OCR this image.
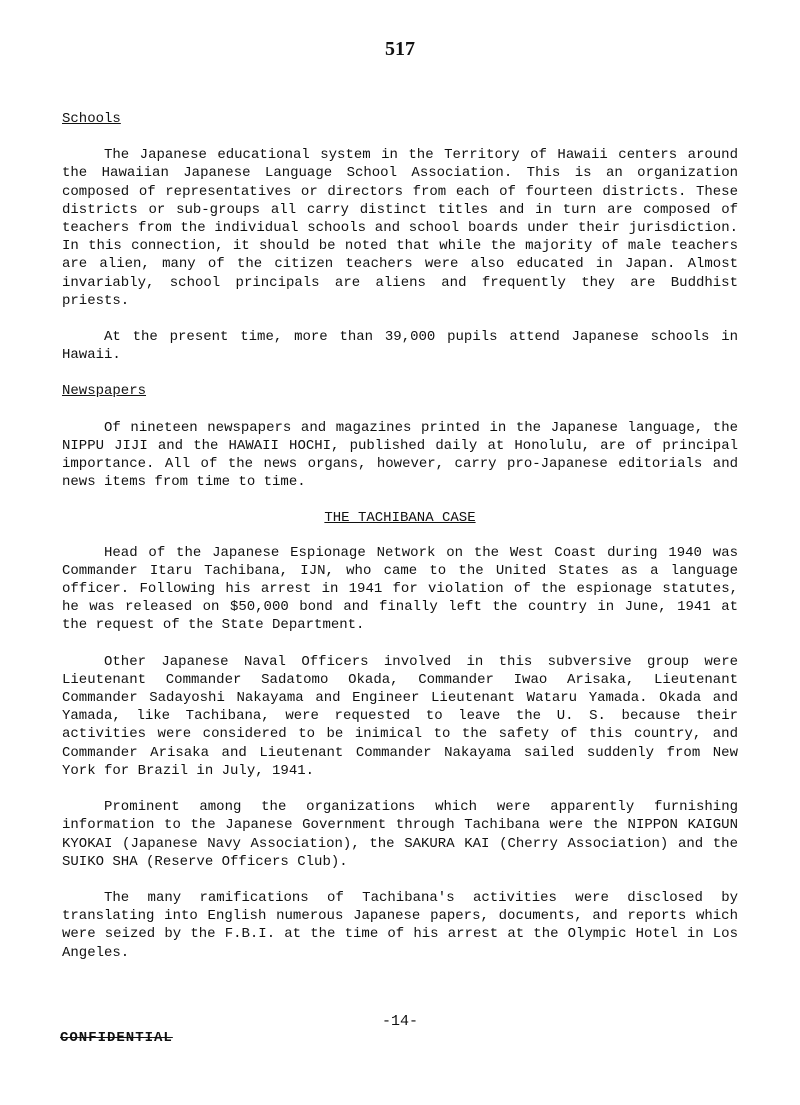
517

Schools

The Japanese educational system in the Territory of Hawaii centers around the Hawaiian Japanese Language School Association. This is an organization composed of representatives or directors from each of fourteen districts. These districts or sub-groups all carry distinct titles and in turn are composed of teachers from the individual schools and school boards under their jurisdiction. In this connection, it should be noted that while the majority of male teachers are alien, many of the citizen teachers were also educated in Japan. Almost invariably, school principals are aliens and frequently they are Buddhist priests.

At the present time, more than 39,000 pupils attend Japanese schools in Hawaii.

Newspapers

Of nineteen newspapers and magazines printed in the Japanese language, the NIPPU JIJI and the HAWAII HOCHI, published daily at Honolulu, are of principal importance. All of the news organs, however, carry pro-Japanese editorials and news items from time to time.

THE TACHIBANA CASE

Head of the Japanese Espionage Network on the West Coast during 1940 was Commander Itaru Tachibana, IJN, who came to the United States as a language officer. Following his arrest in 1941 for violation of the espionage statutes, he was released on $50,000 bond and finally left the country in June, 1941 at the request of the State Department.

Other Japanese Naval Officers involved in this subversive group were Lieutenant Commander Sadatomo Okada, Commander Iwao Arisaka, Lieutenant Commander Sadayoshi Nakayama and Engineer Lieutenant Wataru Yamada. Okada and Yamada, like Tachibana, were requested to leave the U. S. because their activities were considered to be inimical to the safety of this country, and Commander Arisaka and Lieutenant Commander Nakayama sailed suddenly from New York for Brazil in July, 1941.

Prominent among the organizations which were apparently furnishing information to the Japanese Government through Tachibana were the NIPPON KAIGUN KYOKAI (Japanese Navy Association), the SAKURA KAI (Cherry Association) and the SUIKO SHA (Reserve Officers Club).

The many ramifications of Tachibana's activities were disclosed by translating into English numerous Japanese papers, documents, and reports which were seized by the F.B.I. at the time of his arrest at the Olympic Hotel in Los Angeles.

-14-
CONFIDENTIAL
